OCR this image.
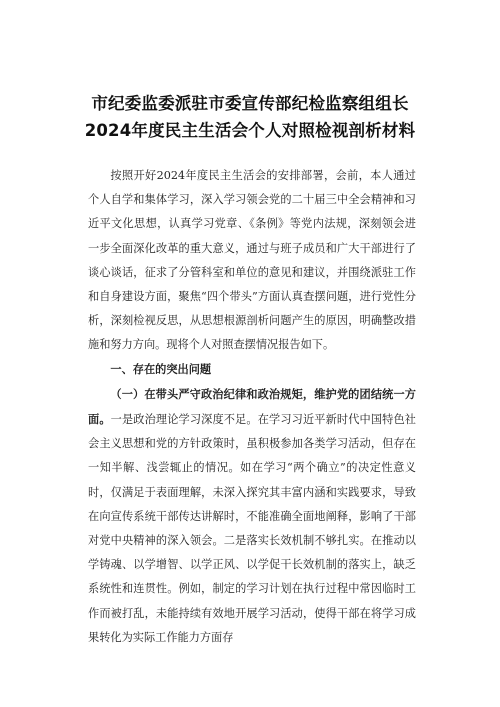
市纪委监委派驻市委宣传部纪检监察组组长
2024年度民主生活会个人对照检视剖析材料

按照开好2024年度民主生活会的安排部署，会前，本人通过个人自学和集体学习，深入学习领会党的二十届三中全会精神和习近平文化思想，认真学习党章、《条例》等党内法规，深刻领会进一步全面深化改革的重大意义，通过与班子成员和广大干部进行了谈心谈话，征求了分管科室和单位的意见和建议，并围绕派驻工作和自身建设方面，聚焦“四个带头”方面认真查摆问题，进行党性分析，深刻检视反思，从思想根源剖析问题产生的原因，明确整改措施和努力方向。现将个人对照查摆情况报告如下。

一、存在的突出问题

（一）在带头严守政治纪律和政治规矩，维护党的团结统一方面。一是政治理论学习深度不足。在学习习近平新时代中国特色社会主义思想和党的方针政策时，虽积极参加各类学习活动，但存在一知半解、浅尝辄止的情况。如在学习“两个确立”的决定性意义时，仅满足于表面理解，未深入探究其丰富内涵和实践要求，导致在向宣传系统干部传达讲解时，不能准确全面地阐释，影响了干部对党中央精神的深入领会。二是落实长效机制不够扎实。在推动以学铸魂、以学增智、以学正风、以学促干长效机制的落实上，缺乏系统性和连贯性。例如，制定的学习计划在执行过程中常因临时工作而被打乱，未能持续有效地开展学习活动，使得干部在将学习成果转化为实际工作能力方面存
